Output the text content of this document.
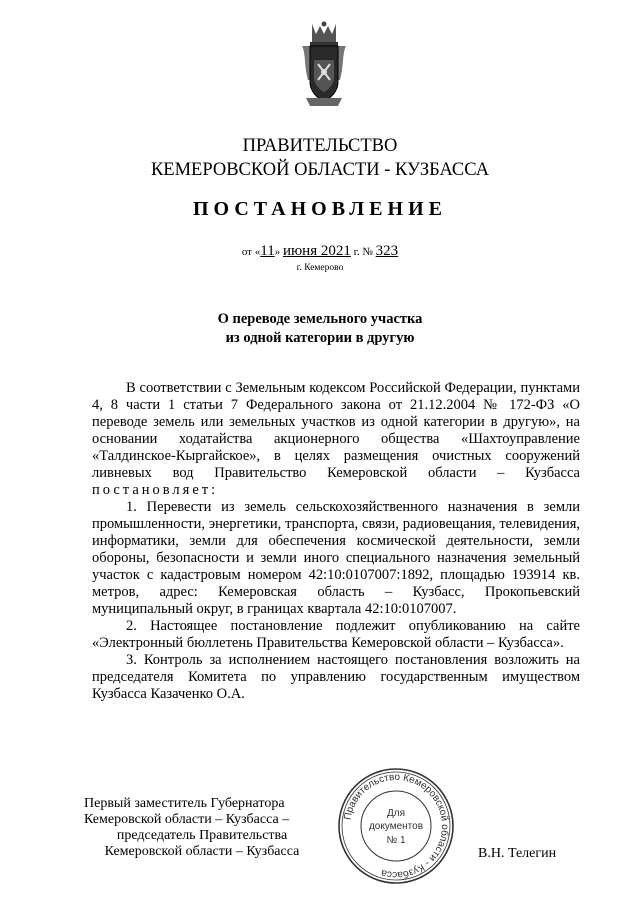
ПРАВИТЕЛЬСТВО
КЕМЕРОВСКОЙ ОБЛАСТИ - КУЗБАССА
ПОСТАНОВЛЕНИЕ
от «11» июня 2021 г. № 323
г. Кемерово
О переводе земельного участка
из одной категории в другую

В соответствии с Земельным кодексом Российской Федерации, пунктами 4, 8 части 1 статьи 7 Федерального закона от 21.12.2004 № 172-ФЗ «О переводе земель или земельных участков из одной категории в другую», на основании ходатайства акционерного общества «Шахтоуправление «Талдинское-Кыргайское», в целях размещения очистных сооружений ливневых вод Правительство Кемеровской области – Кузбасса постановляет:

1. Перевести из земель сельскохозяйственного назначения в земли промышленности, энергетики, транспорта, связи, радиовещания, телевидения, информатики, земли для обеспечения космической деятельности, земли обороны, безопасности и земли иного специального назначения земельный участок с кадастровым номером 42:10:0107007:1892, площадью 193914 кв. метров, адрес: Кемеровская область – Кузбасс, Прокопьевский муниципальный округ, в границах квартала 42:10:0107007.

2. Настоящее постановление подлежит опубликованию на сайте «Электронный бюллетень Правительства Кемеровской области – Кузбасса».

3. Контроль за исполнением настоящего постановления возложить на председателя Комитета по управлению государственным имуществом Кузбасса Казаченко О.А.

Первый заместитель Губернатора
Кемеровской области – Кузбасса –
председатель Правительства
Кемеровской области – Кузбасса
Правительство Кемеровской области - Кузбасса
Для
документов
№ 1
В.Н. Телегин
